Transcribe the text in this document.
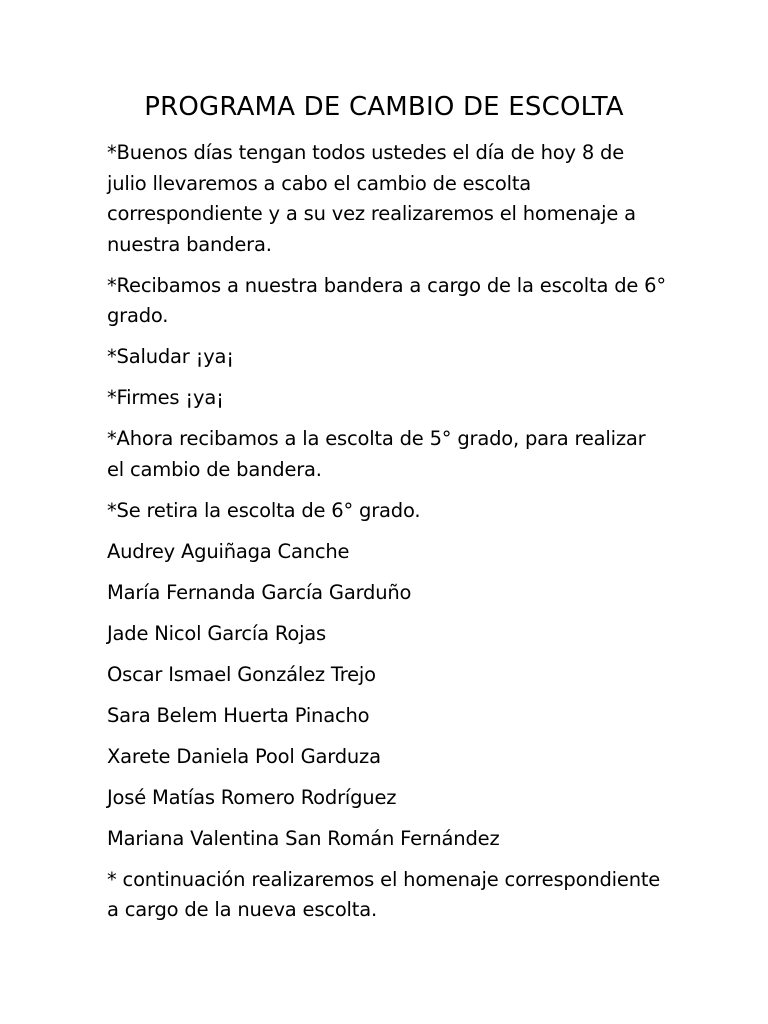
PROGRAMA DE CAMBIO DE ESCOLTA

*Buenos días tengan todos ustedes el día de hoy 8 de julio llevaremos a cabo el cambio de escolta correspondiente y a su vez realizaremos el homenaje a nuestra bandera.

*Recibamos a nuestra bandera a cargo de la escolta de 6° grado.

*Saludar ¡ya¡

*Firmes ¡ya¡

*Ahora recibamos a la escolta de 5° grado, para realizar el cambio de bandera.

*Se retira la escolta de 6° grado.

Audrey Aguiñaga Canche

María Fernanda García Garduño

Jade Nicol García Rojas

Oscar Ismael González Trejo

Sara Belem Huerta Pinacho

Xarete Daniela Pool Garduza

José Matías Romero Rodríguez

Mariana Valentina San Román Fernández

* continuación realizaremos el homenaje correspondiente a cargo de la nueva escolta.
